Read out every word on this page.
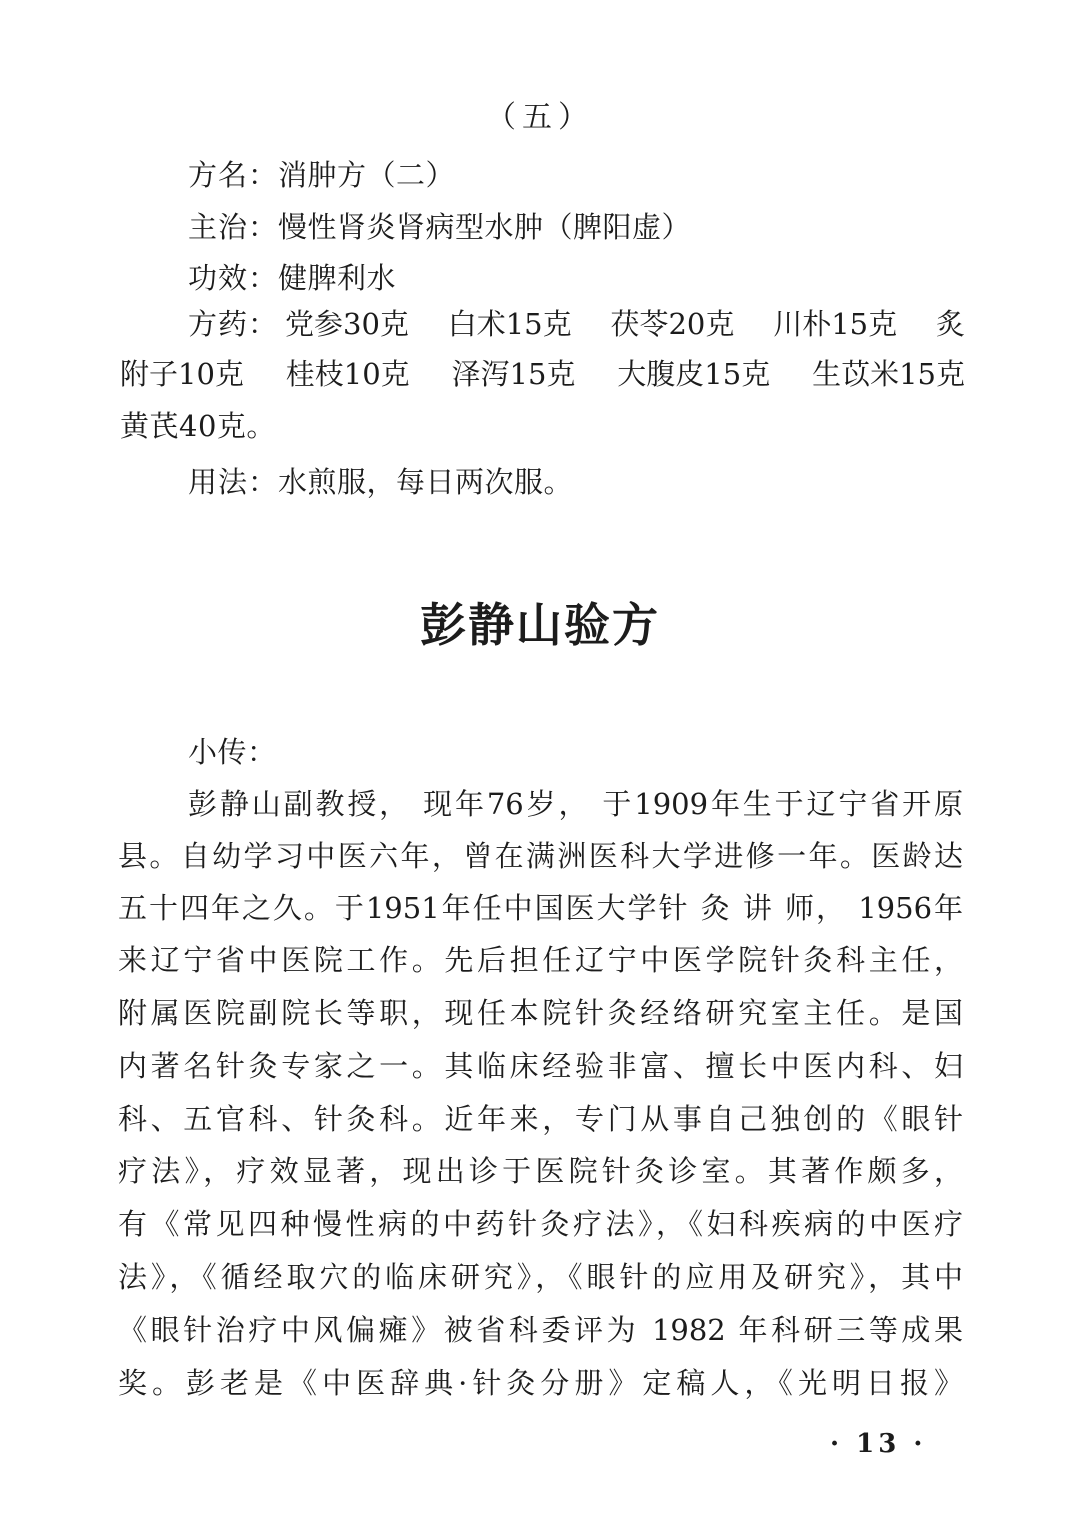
（五）
方名：消肿方（二）
主治：慢性肾炎肾病型水肿（脾阳虚）
功效：健脾利水
方药： 党参30克 白术15克 茯苓20克 川朴15克 炙
附子10克 桂枝10克 泽泻15克 大腹皮15克 生苡米15克
黄芪40克。
用法：水煎服，每日两次服。
彭静山验方
小传：
彭静山副教授， 现年76岁， 于1909年生于辽宁省开原
县。自幼学习中医六年，曾在满洲医科大学进修一年。医龄达
五十四年之久。于1951年任中国医大学针 灸 讲 师， 1956年
来辽宁省中医院工作。先后担任辽宁中医学院针灸科主任，
附属医院副院长等职，现任本院针灸经络研究室主任。是国
内著名针灸专家之一。其临床经验非富、擅长中医内科、妇
科、五官科、针灸科。近年来，专门从事自己独创的《眼针
疗法》，疗效显著，现出诊于医院针灸诊室。其著作颇多，
有《常见四种慢性病的中药针灸疗法》，《妇科疾病的中医疗
法》，《循经取穴的临床研究》，《眼针的应用及研究》，其中
《眼针治疗中风偏瘫》被省科委评为 1982 年科研三等成果
奖。彭老是《中医辞典·针灸分册》定稿人，《光明日报》
· 13 ·
